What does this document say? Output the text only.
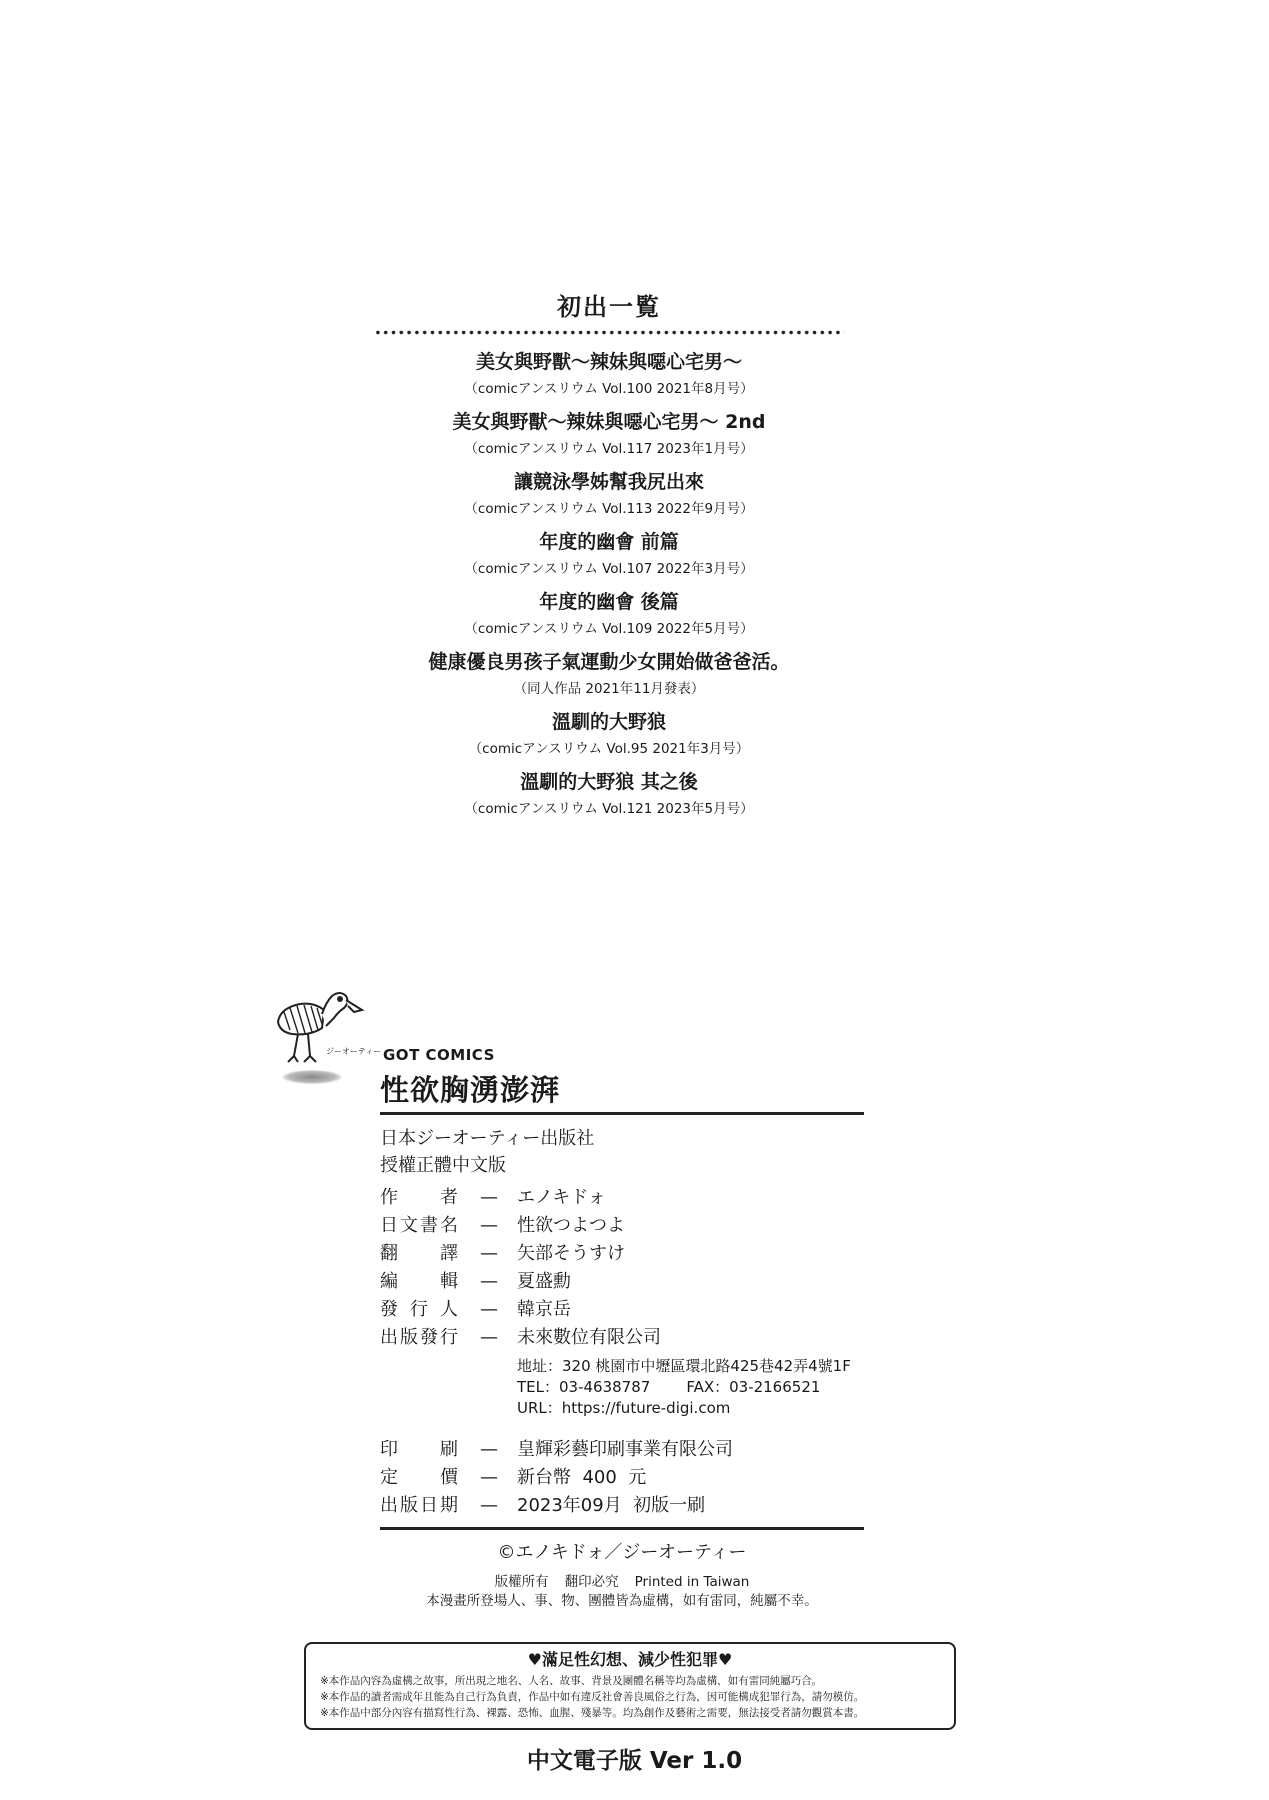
初出一覧
美女與野獸～辣妹與噁心宅男～
（comicアンスリウム Vol.100 2021年8月号）
美女與野獸～辣妹與噁心宅男～ 2nd
（comicアンスリウム Vol.117 2023年1月号）
讓競泳學姊幫我尻出來
（comicアンスリウム Vol.113 2022年9月号）
年度的幽會 前篇
（comicアンスリウム Vol.107 2022年3月号）
年度的幽會 後篇
（comicアンスリウム Vol.109 2022年5月号）
健康優良男孩子氣運動少女開始做爸爸活。
（同人作品 2021年11月發表）
溫馴的大野狼
（comicアンスリウム Vol.95 2021年3月号）
溫馴的大野狼 其之後
（comicアンスリウム Vol.121 2023年5月号）
ジーオーティー GOT COMICS
性欲胸湧澎湃
日本ジーオーティー出版社
授權正體中文版
作 者 — エノキドォ
日 文 書 名 — 性欲つよつよ
翻 譯 — 矢部そうすけ
編 輯 — 夏盛勳
發 行 人 — 韓京岳
出 版 發 行 — 未來數位有限公司
地址：320 桃園市中壢區環北路425巷42弄4號1F
TEL：03-4638787 FAX：03-2166521
URL：https://future-digi.com
印 刷 — 皇輝彩藝印刷事業有限公司
定 價 — 新台幣  400  元
出 版 日 期 — 2023年09月  初版一刷
©エノキドォ／ジーオーティー
版權所有 翻印必究 Printed in Taiwan
本漫畫所登場人、事、物、團體皆為虛構，如有雷同，純屬不幸。
♥滿足性幻想、減少性犯罪♥
※本作品內容為虛構之故事，所出現之地名、人名、故事、背景及團體名稱等均為虛構，如有雷同純屬巧合。
※本作品的讀者需成年且能為自己行為負責，作品中如有違反社會善良風俗之行為，因可能構成犯罪行為，請勿模仿。
※本作品中部分內容有描寫性行為、裸露、恐怖、血腥、殘暴等。均為創作及藝術之需要，無法接受者請勿觀賞本書。
中文電子版 Ver 1.0
